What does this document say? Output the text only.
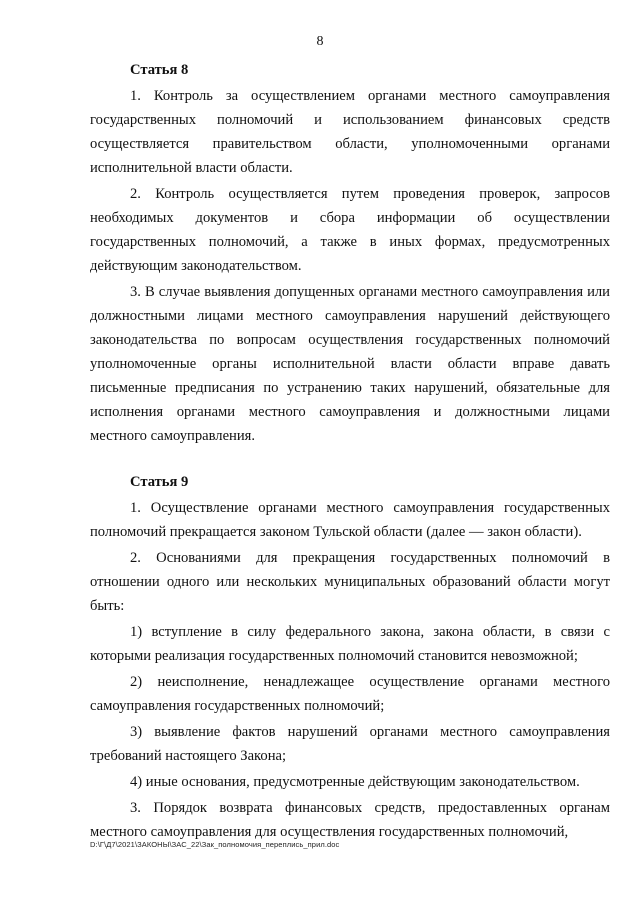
8

Статья 8

1. Контроль за осуществлением органами местного самоуправления государственных полномочий и использованием финансовых средств осуществляется правительством области, уполномоченными органами исполнительной власти области.

2. Контроль осуществляется путем проведения проверок, запросов необходимых документов и сбора информации об осуществлении государственных полномочий, а также в иных формах, предусмотренных действующим законодательством.

3. В случае выявления допущенных органами местного самоуправления или должностными лицами местного самоуправления нарушений действующего законодательства по вопросам осуществления государственных полномочий уполномоченные органы исполнительной власти области вправе давать письменные предписания по устранению таких нарушений, обязательные для исполнения органами местного самоуправления и должностными лицами местного самоуправления.

Статья 9

1. Осуществление органами местного самоуправления государственных полномочий прекращается законом Тульской области (далее — закон области).

2. Основаниями для прекращения государственных полномочий в отношении одного или нескольких муниципальных образований области могут быть:

1) вступление в силу федерального закона, закона области, в связи с которыми реализация государственных полномочий становится невозможной;

2) неисполнение, ненадлежащее осуществление органами местного самоуправления государственных полномочий;

3) выявление фактов нарушений органами местного самоуправления требований настоящего Закона;

4) иные основания, предусмотренные действующим законодательством.

3. Порядок возврата финансовых средств, предоставленных органам местного самоуправления для осуществления государственных полномочий,

D:\Г\Д7\2021\ЗАКОНЫ\ЗАС_22\Зак_полномочия_переплись_прил.doc
